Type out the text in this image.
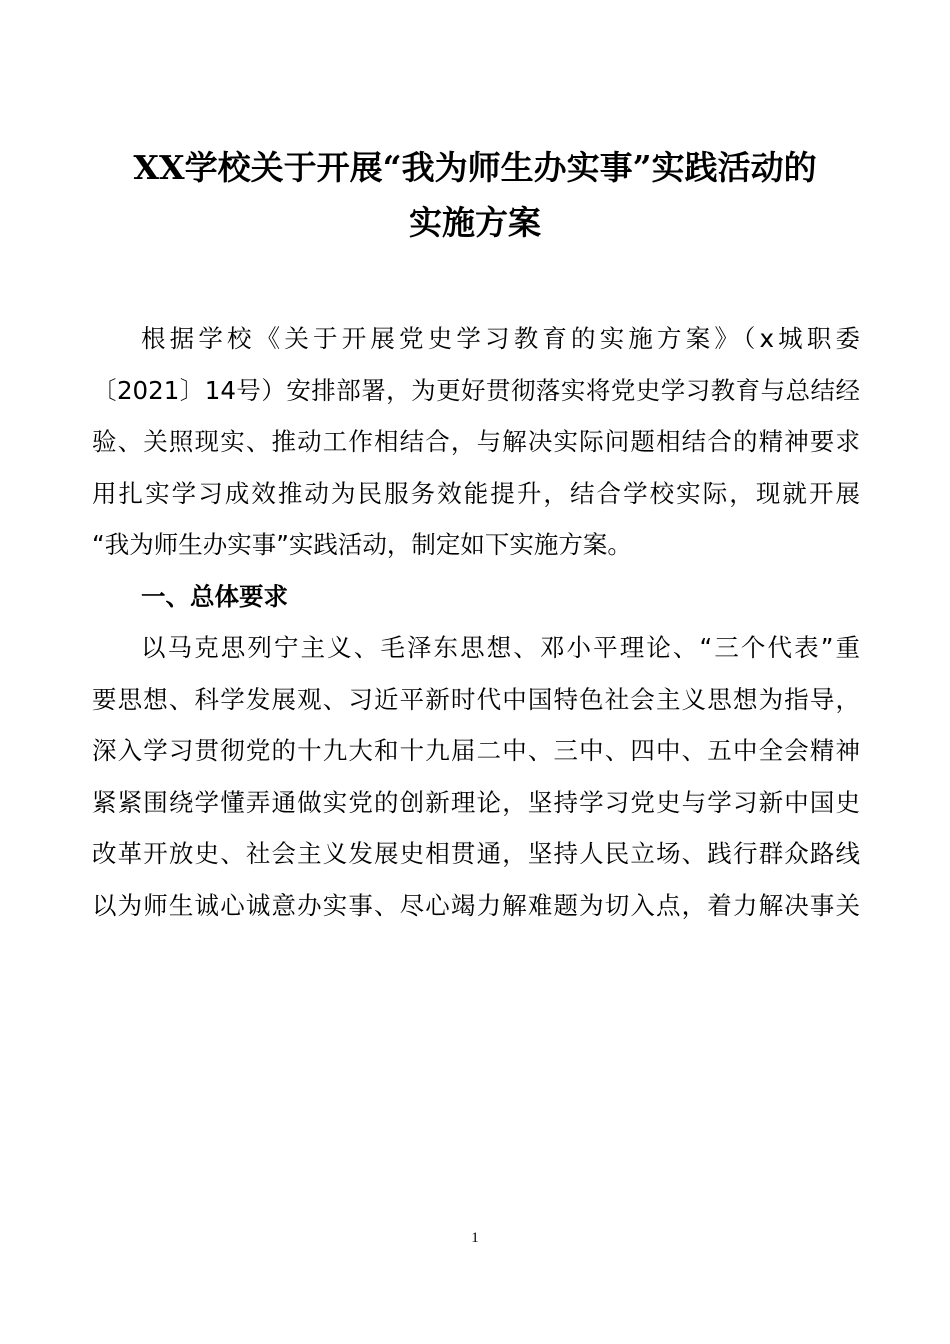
XX学校关于开展“我为师生办实事”实践活动的
实施方案
根据学校《关于开展党史学习教育的实施方案》（x城职委
〔2021〕14号）安排部署，为更好贯彻落实将党史学习教育与总结经
验、关照现实、推动工作相结合，与解决实际问题相结合的精神要求
用扎实学习成效推动为民服务效能提升，结合学校实际，现就开展
“我为师生办实事”实践活动，制定如下实施方案。
一、总体要求
以马克思列宁主义、毛泽东思想、邓小平理论、“三个代表”重
要思想、科学发展观、习近平新时代中国特色社会主义思想为指导，
深入学习贯彻党的十九大和十九届二中、三中、四中、五中全会精神
紧紧围绕学懂弄通做实党的创新理论，坚持学习党史与学习新中国史
改革开放史、社会主义发展史相贯通，坚持人民立场、践行群众路线
以为师生诚心诚意办实事、尽心竭力解难题为切入点，着力解决事关
1
